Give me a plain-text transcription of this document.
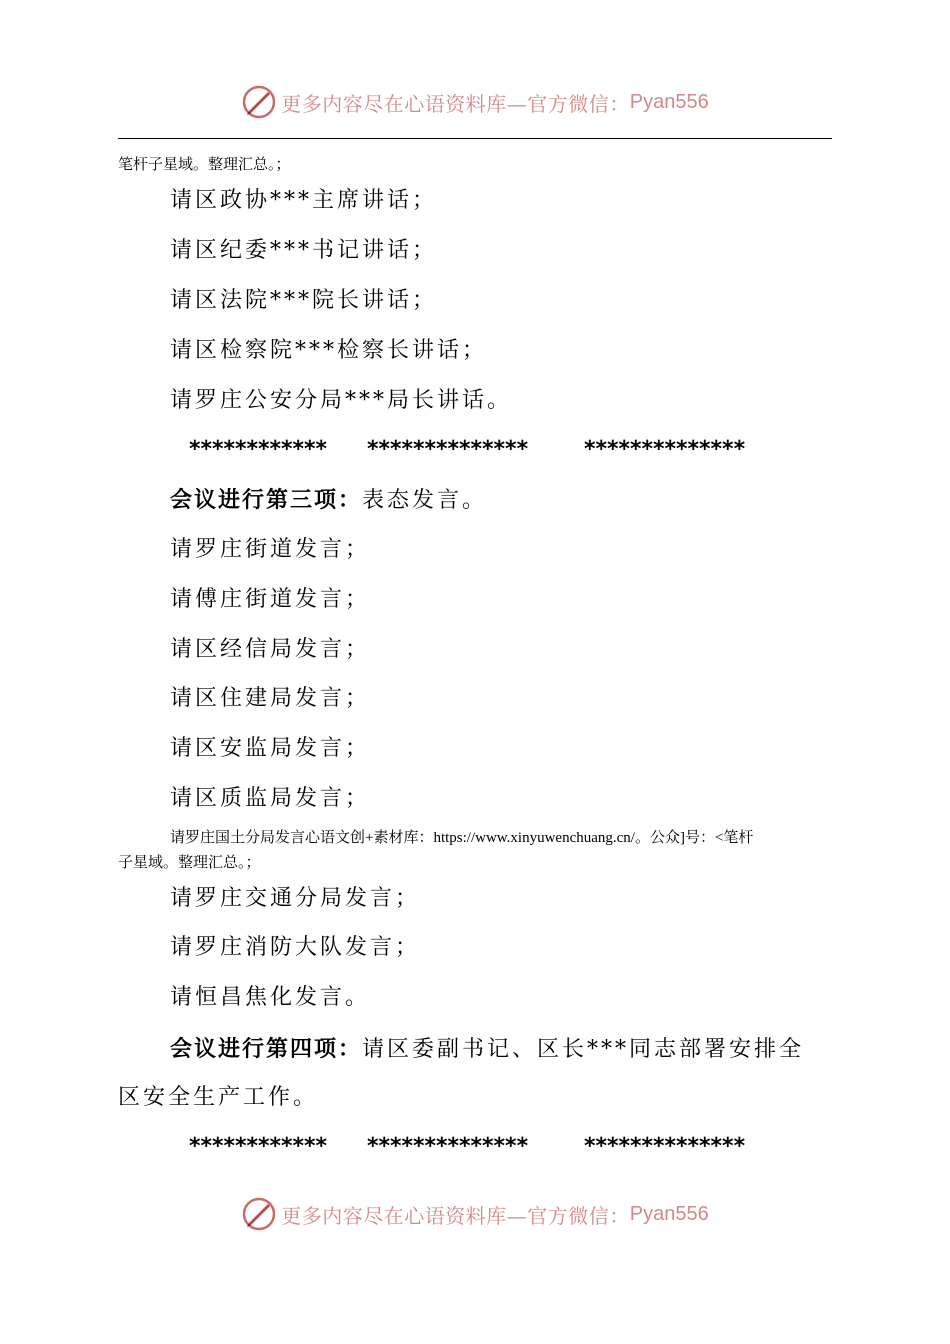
更多内容尽在心语资料库—官方微信： Pyan556
笔杆子星域。整理汇总。；
请区政协***主席讲话；
请区纪委***书记讲话；
请区法院***院长讲话；
请区检察院***检察长讲话；
请罗庄公安分局***局长讲话。
************ **************	**************
会议进行第三项：表态发言。
请罗庄街道发言；
请傅庄街道发言；
请区经信局发言；
请区住建局发言；
请区安监局发言；
请区质监局发言；
请罗庄国土分局发言心语文创+素材库：https://www.xinyuwenchuang.cn/。公众]号：<笔杆
子星域。整理汇总。；
请罗庄交通分局发言；
请罗庄消防大队发言；
请恒昌焦化发言。
会议进行第四项：请区委副书记、区长***同志部署安排全
区安全生产工作。
************ **************	**************
更多内容尽在心语资料库—官方微信： Pyan556
